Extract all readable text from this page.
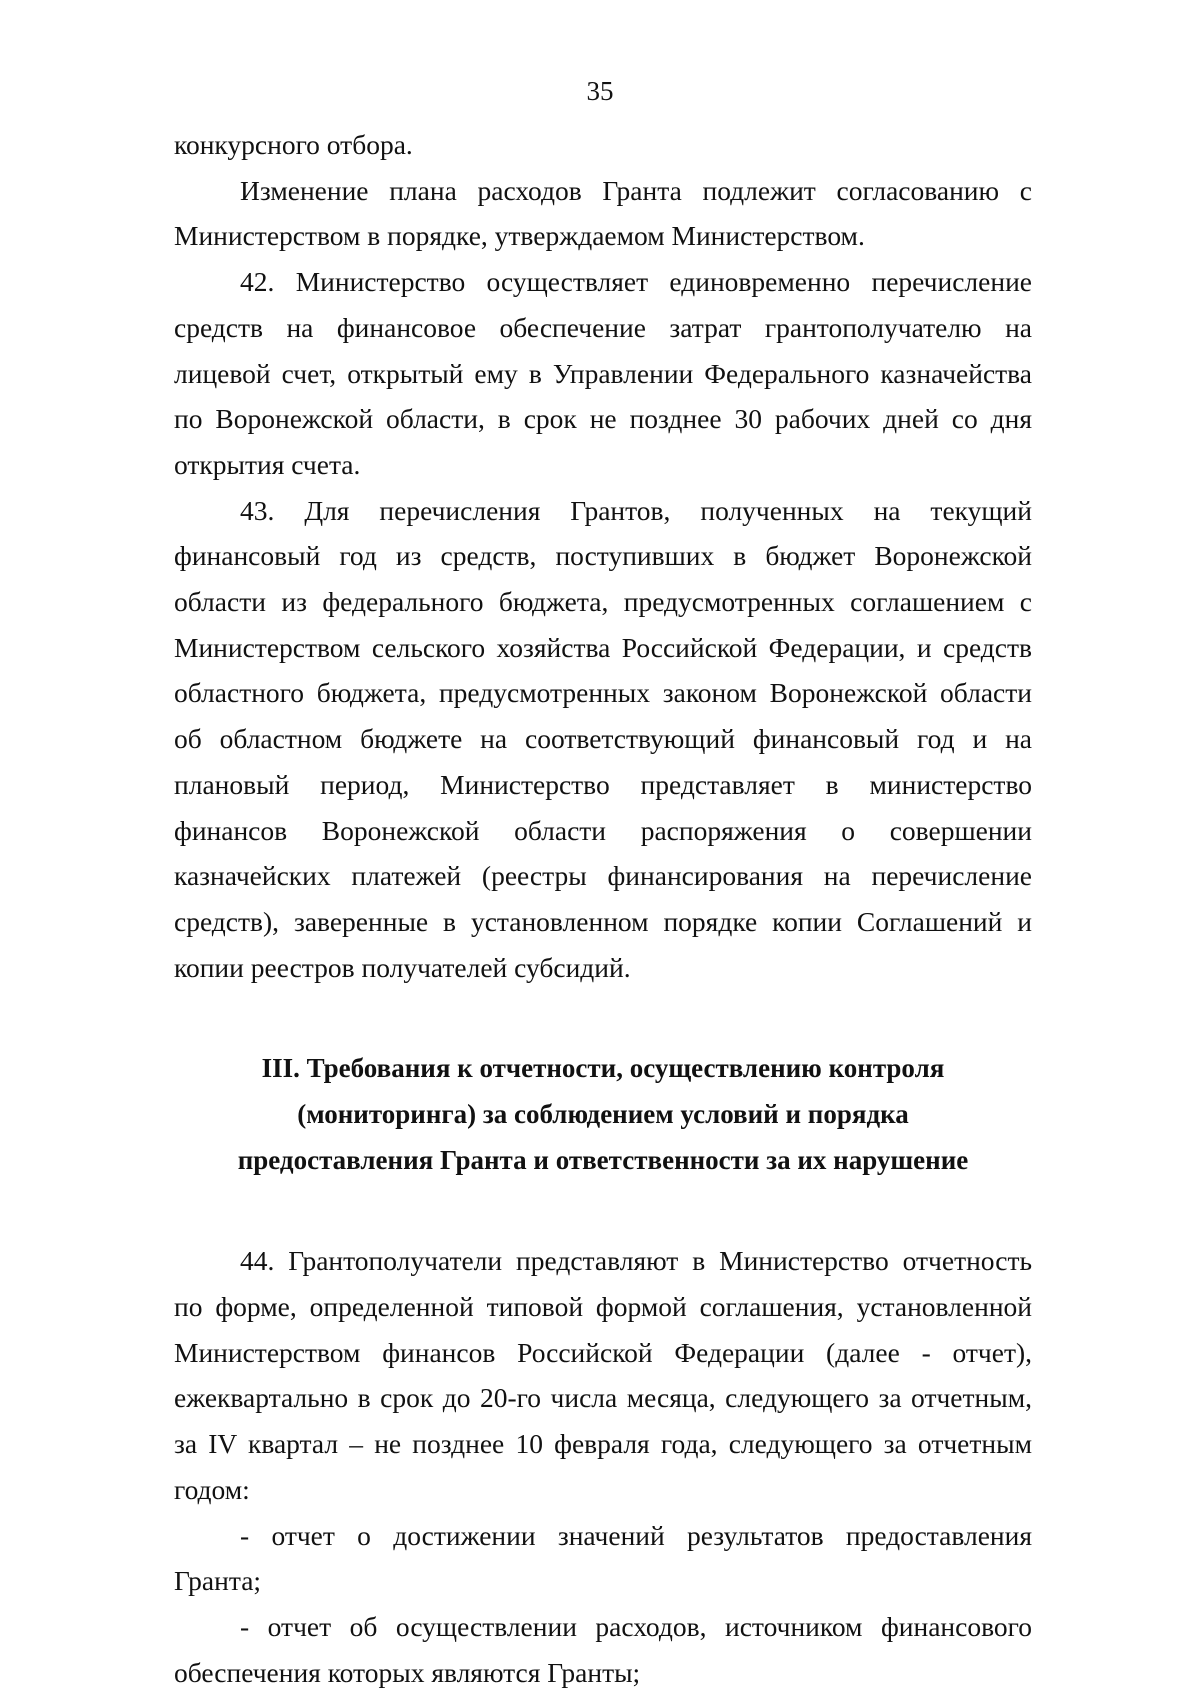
35

конкурсного отбора.

Изменение плана расходов Гранта подлежит согласованию с Министерством в порядке, утверждаемом Министерством.

42. Министерство осуществляет единовременно перечисление средств на финансовое обеспечение затрат грантополучателю на лицевой счет, открытый ему в Управлении Федерального казначейства по Воронежской области, в срок не позднее 30 рабочих дней со дня открытия счета.

43. Для перечисления Грантов, полученных на текущий финансовый год из средств, поступивших в бюджет Воронежской области из федерального бюджета, предусмотренных соглашением с Министерством сельского хозяйства Российской Федерации, и средств областного бюджета, предусмотренных законом Воронежской области об областном бюджете на соответствующий финансовый год и на плановый период, Министерство представляет в министерство финансов Воронежской области распоряжения о совершении казначейских платежей (реестры финансирования на перечисление средств), заверенные в установленном порядке копии Соглашений и копии реестров получателей субсидий.

III. Требования к отчетности, осуществлению контроля
(мониторинга) за соблюдением условий и порядка
предоставления Гранта и ответственности за их нарушение

44. Грантополучатели представляют в Министерство отчетность по форме, определенной типовой формой соглашения, установленной Министерством финансов Российской Федерации (далее - отчет), ежеквартально в срок до 20-го числа месяца, следующего за отчетным, за IV квартал – не позднее 10 февраля года, следующего за отчетным годом:

- отчет о достижении значений результатов предоставления Гранта;

- отчет об осуществлении расходов, источником финансового обеспечения которых являются Гранты;
